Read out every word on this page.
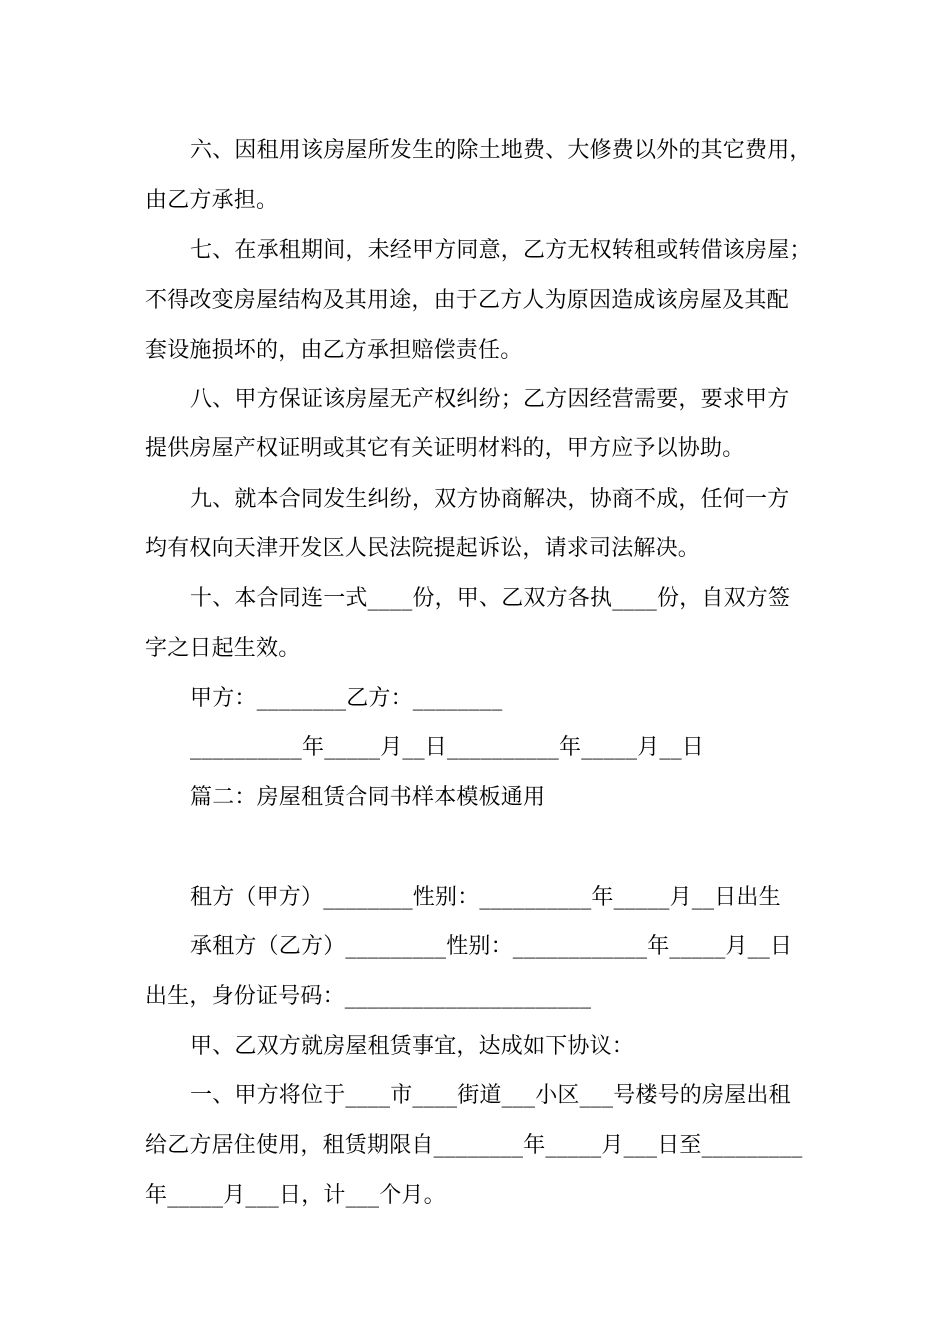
六、因租用该房屋所发生的除土地费、大修费以外的其它费用，
由乙方承担。
七、在承租期间，未经甲方同意，乙方无权转租或转借该房屋；
不得改变房屋结构及其用途，由于乙方人为原因造成该房屋及其配
套设施损坏的，由乙方承担赔偿责任。
八、甲方保证该房屋无产权纠纷；乙方因经营需要，要求甲方
提供房屋产权证明或其它有关证明材料的，甲方应予以协助。
九、就本合同发生纠纷，双方协商解决，协商不成，任何一方
均有权向天津开发区人民法院提起诉讼，请求司法解决。
十、本合同连一式____份，甲、乙双方各执____份，自双方签
字之日起生效。
甲方：________乙方：________
__________年_____月__日__________年_____月__日
篇二：房屋租赁合同书样本模板通用
租方（甲方）________性别：__________年_____月__日出生
承租方（乙方）_________性别：____________年_____月__日
出生，身份证号码：______________________
甲、乙双方就房屋租赁事宜，达成如下协议：
一、甲方将位于____市____街道___小区___号楼号的房屋出租
给乙方居住使用，租赁期限自________年_____月___日至_________
年_____月___日，计___个月。
